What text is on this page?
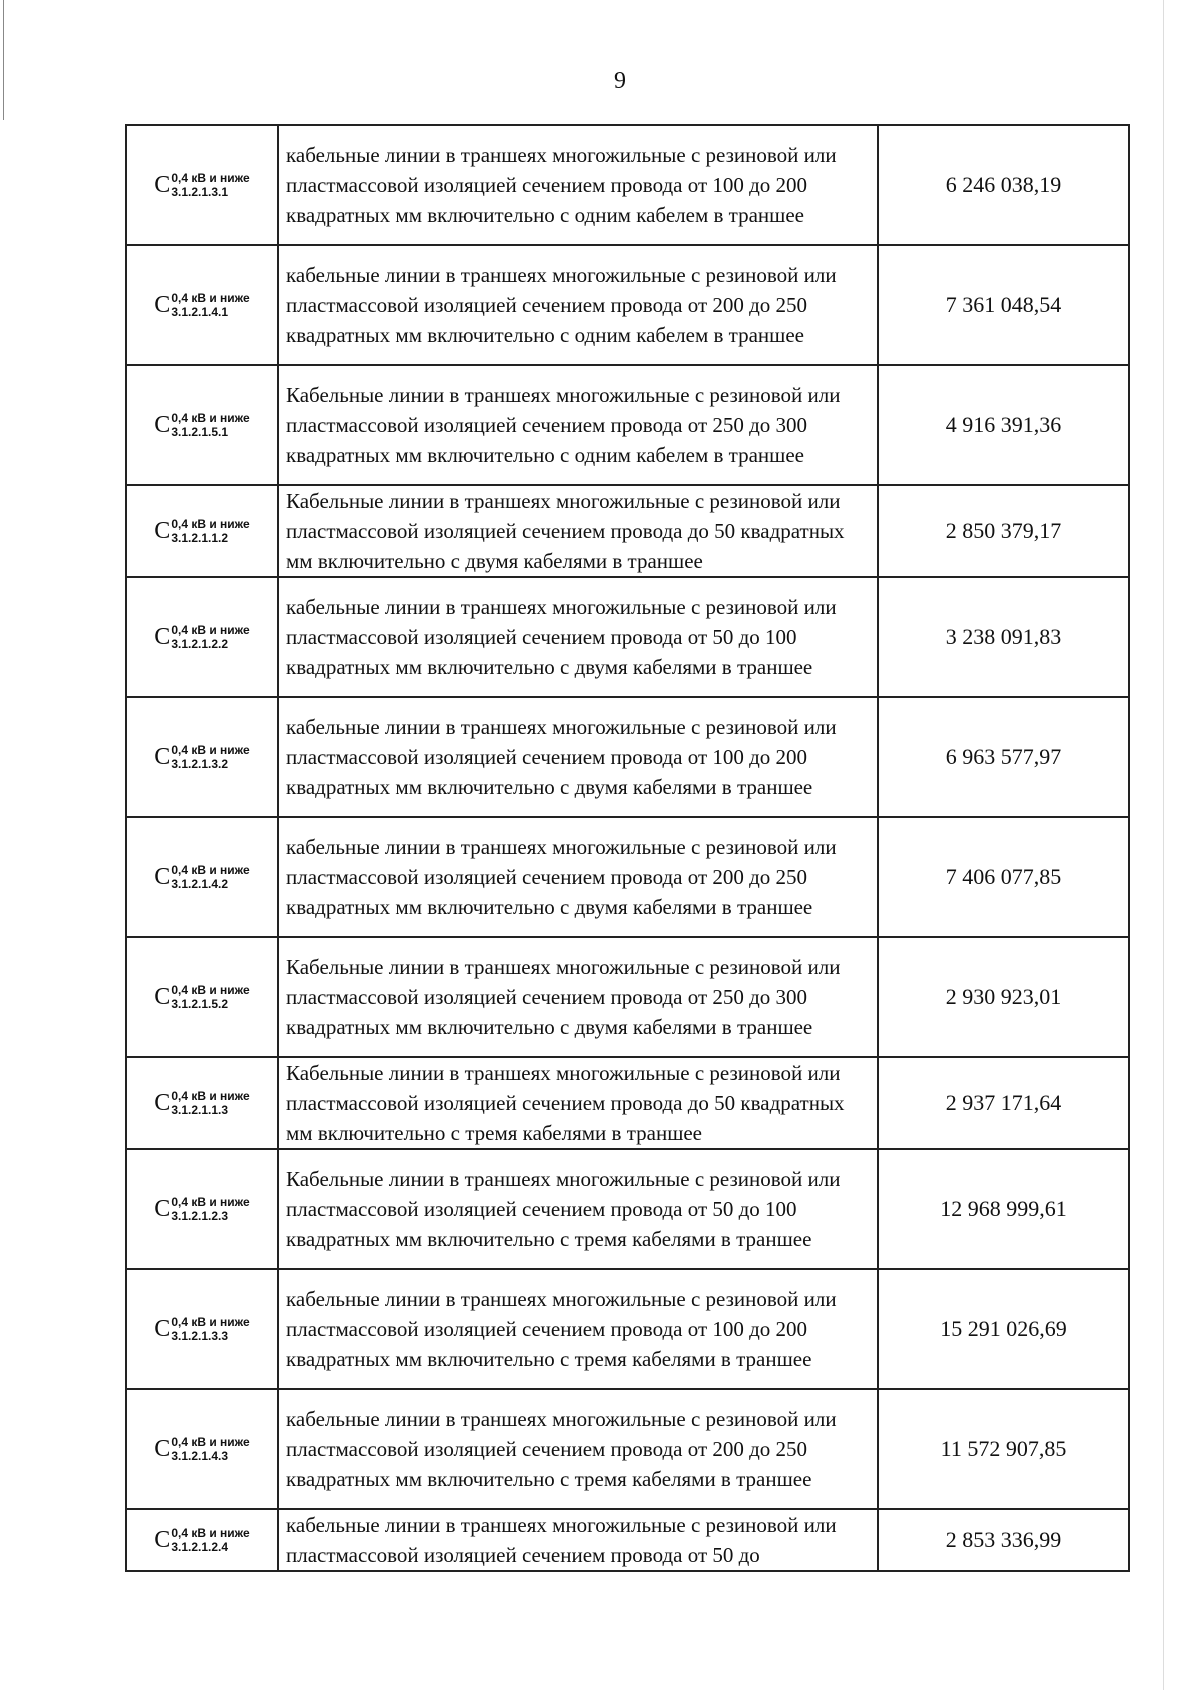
9
С 0,4 кВ и ниже
3.1.2.1.3.1	кабельные линии в траншеях многожильные с резиновой или пластмассовой изоляцией сечением провода от 100 до 200 квадратных мм включительно с одним кабелем в траншее	6 246 038,19

С 0,4 кВ и ниже
3.1.2.1.4.1	кабельные линии в траншеях многожильные с резиновой или пластмассовой изоляцией сечением провода от 200 до 250 квадратных мм включительно с одним кабелем в траншее	7 361 048,54

С 0,4 кВ и ниже
3.1.2.1.5.1	Кабельные линии в траншеях многожильные с резиновой или пластмассовой изоляцией сечением провода от 250 до 300 квадратных мм включительно с одним кабелем в траншее	4 916 391,36

С 0,4 кВ и ниже
3.1.2.1.1.2	Кабельные линии в траншеях многожильные с резиновой или пластмассовой изоляцией сечением провода до 50 квадратных мм включительно с двумя кабелями в траншее	2 850 379,17

С 0,4 кВ и ниже
3.1.2.1.2.2	кабельные линии в траншеях многожильные с резиновой или пластмассовой изоляцией сечением провода от 50 до 100 квадратных мм включительно с двумя кабелями в траншее	3 238 091,83

С 0,4 кВ и ниже
3.1.2.1.3.2	кабельные линии в траншеях многожильные с резиновой или пластмассовой изоляцией сечением провода от 100 до 200 квадратных мм включительно с двумя кабелями в траншее	6 963 577,97

С 0,4 кВ и ниже
3.1.2.1.4.2	кабельные линии в траншеях многожильные с резиновой или пластмассовой изоляцией сечением провода от 200 до 250 квадратных мм включительно с двумя кабелями в траншее	7 406 077,85

С 0,4 кВ и ниже
3.1.2.1.5.2	Кабельные линии в траншеях многожильные с резиновой или пластмассовой изоляцией сечением провода от 250 до 300 квадратных мм включительно с двумя кабелями в траншее	2 930 923,01

С 0,4 кВ и ниже
3.1.2.1.1.3	Кабельные линии в траншеях многожильные с резиновой или пластмассовой изоляцией сечением провода до 50 квадратных мм включительно с тремя кабелями в траншее	2 937 171,64

С 0,4 кВ и ниже
3.1.2.1.2.3	Кабельные линии в траншеях многожильные с резиновой или пластмассовой изоляцией сечением провода от 50 до 100 квадратных мм включительно с тремя кабелями в траншее	12 968 999,61

С 0,4 кВ и ниже
3.1.2.1.3.3	кабельные линии в траншеях многожильные с резиновой или пластмассовой изоляцией сечением провода от 100 до 200 квадратных мм включительно с тремя кабелями в траншее	15 291 026,69

С 0,4 кВ и ниже
3.1.2.1.4.3	кабельные линии в траншеях многожильные с резиновой или пластмассовой изоляцией сечением провода от 200 до 250 квадратных мм включительно с тремя кабелями в траншее	11 572 907,85

С 0,4 кВ и ниже
3.1.2.1.2.4	кабельные линии в траншеях многожильные с резиновой или пластмассовой изоляцией сечением провода от 50 до	2 853 336,99
